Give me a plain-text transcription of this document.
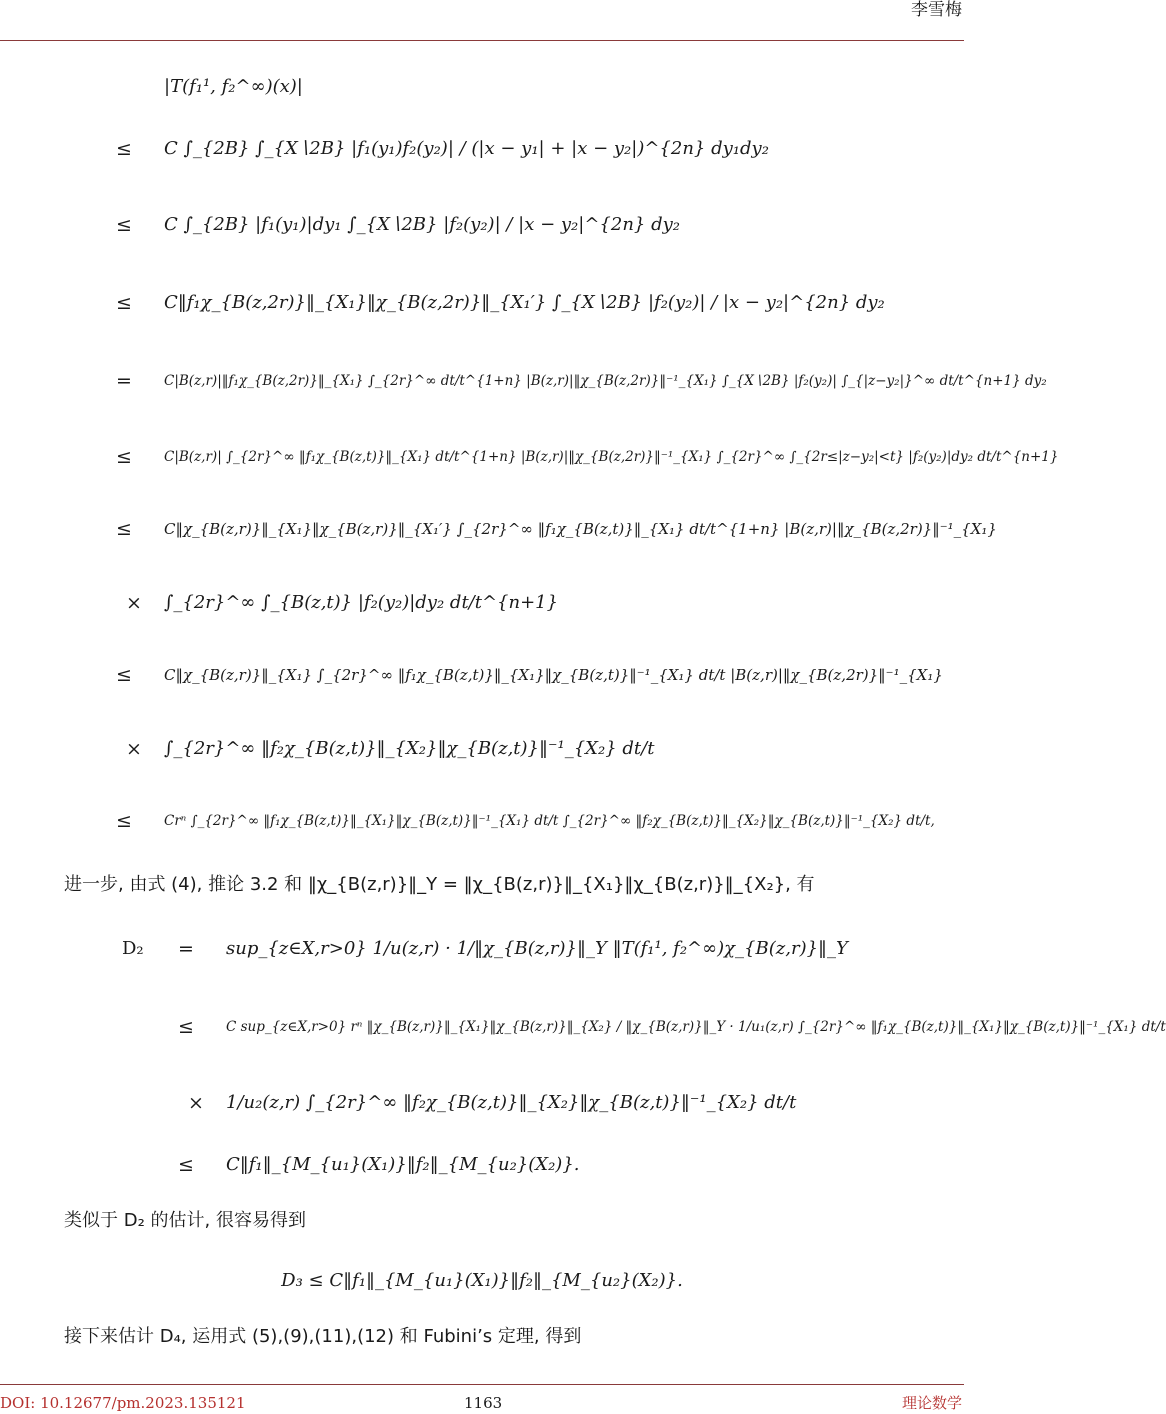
李雪梅
|T(f₁¹, f₂^∞)(x)|
≤ C ∫_{2B} ∫_{X∖2B} |f₁(y₁)f₂(y₂)| / (|x − y₁| + |x − y₂|)^{2n} dy₁dy₂
≤ C ∫_{2B} |f₁(y₁)|dy₁ ∫_{X∖2B} |f₂(y₂)| / |x − y₂|^{2n} dy₂
≤ C‖f₁χ_{B(z,2r)}‖_{X₁}‖χ_{B(z,2r)}‖_{X₁′} ∫_{X∖2B} |f₂(y₂)| / |x − y₂|^{2n} dy₂
= C|B(z,r)|‖f₁χ_{B(z,2r)}‖_{X₁} ∫_{2r}^∞ dt/t^{1+n} |B(z,r)|‖χ_{B(z,2r)}‖⁻¹_{X₁} ∫_{X∖2B} |f₂(y₂)| ∫_{|z−y₂|}^∞ dt/t^{n+1} dy₂
≤ C|B(z,r)| ∫_{2r}^∞ ‖f₁χ_{B(z,t)}‖_{X₁} dt/t^{1+n} |B(z,r)|‖χ_{B(z,2r)}‖⁻¹_{X₁} ∫_{2r}^∞ ∫_{2r≤|z−y₂|<t} |f₂(y₂)|dy₂ dt/t^{n+1}
≤ C‖χ_{B(z,r)}‖_{X₁}‖χ_{B(z,r)}‖_{X₁′} ∫_{2r}^∞ ‖f₁χ_{B(z,t)}‖_{X₁} dt/t^{1+n} |B(z,r)|‖χ_{B(z,2r)}‖⁻¹_{X₁}
× ∫_{2r}^∞ ∫_{B(z,t)} |f₂(y₂)|dy₂ dt/t^{n+1}
≤ C‖χ_{B(z,r)}‖_{X₁} ∫_{2r}^∞ ‖f₁χ_{B(z,t)}‖_{X₁}‖χ_{B(z,t)}‖⁻¹_{X₁} dt/t |B(z,r)|‖χ_{B(z,2r)}‖⁻¹_{X₁}
× ∫_{2r}^∞ ‖f₂χ_{B(z,t)}‖_{X₂}‖χ_{B(z,t)}‖⁻¹_{X₂} dt/t
≤ Crⁿ ∫_{2r}^∞ ‖f₁χ_{B(z,t)}‖_{X₁}‖χ_{B(z,t)}‖⁻¹_{X₁} dt/t ∫_{2r}^∞ ‖f₂χ_{B(z,t)}‖_{X₂}‖χ_{B(z,t)}‖⁻¹_{X₂} dt/t,
进一步, 由式 (4), 推论 3.2 和 ‖χ_{B(z,r)}‖_Y = ‖χ_{B(z,r)}‖_{X₁}‖χ_{B(z,r)}‖_{X₂}, 有
D₂ = sup_{z∈X,r>0} 1/u(z,r) · 1/‖χ_{B(z,r)}‖_Y ‖T(f₁¹, f₂^∞)χ_{B(z,r)}‖_Y
≤ C sup_{z∈X,r>0} rⁿ ‖χ_{B(z,r)}‖_{X₁}‖χ_{B(z,r)}‖_{X₂} / ‖χ_{B(z,r)}‖_Y · 1/u₁(z,r) ∫_{2r}^∞ ‖f₁χ_{B(z,t)}‖_{X₁}‖χ_{B(z,t)}‖⁻¹_{X₁} dt/t
× 1/u₂(z,r) ∫_{2r}^∞ ‖f₂χ_{B(z,t)}‖_{X₂}‖χ_{B(z,t)}‖⁻¹_{X₂} dt/t
≤ C‖f₁‖_{M_{u₁}(X₁)}‖f₂‖_{M_{u₂}(X₂)}.
类似于 D₂ 的估计, 很容易得到
D₃ ≤ C‖f₁‖_{M_{u₁}(X₁)}‖f₂‖_{M_{u₂}(X₂)}.
接下来估计 D₄, 运用式 (5),(9),(11),(12) 和 Fubini’s 定理, 得到
DOI: 10.12677/pm.2023.135121	1163	理论数学
